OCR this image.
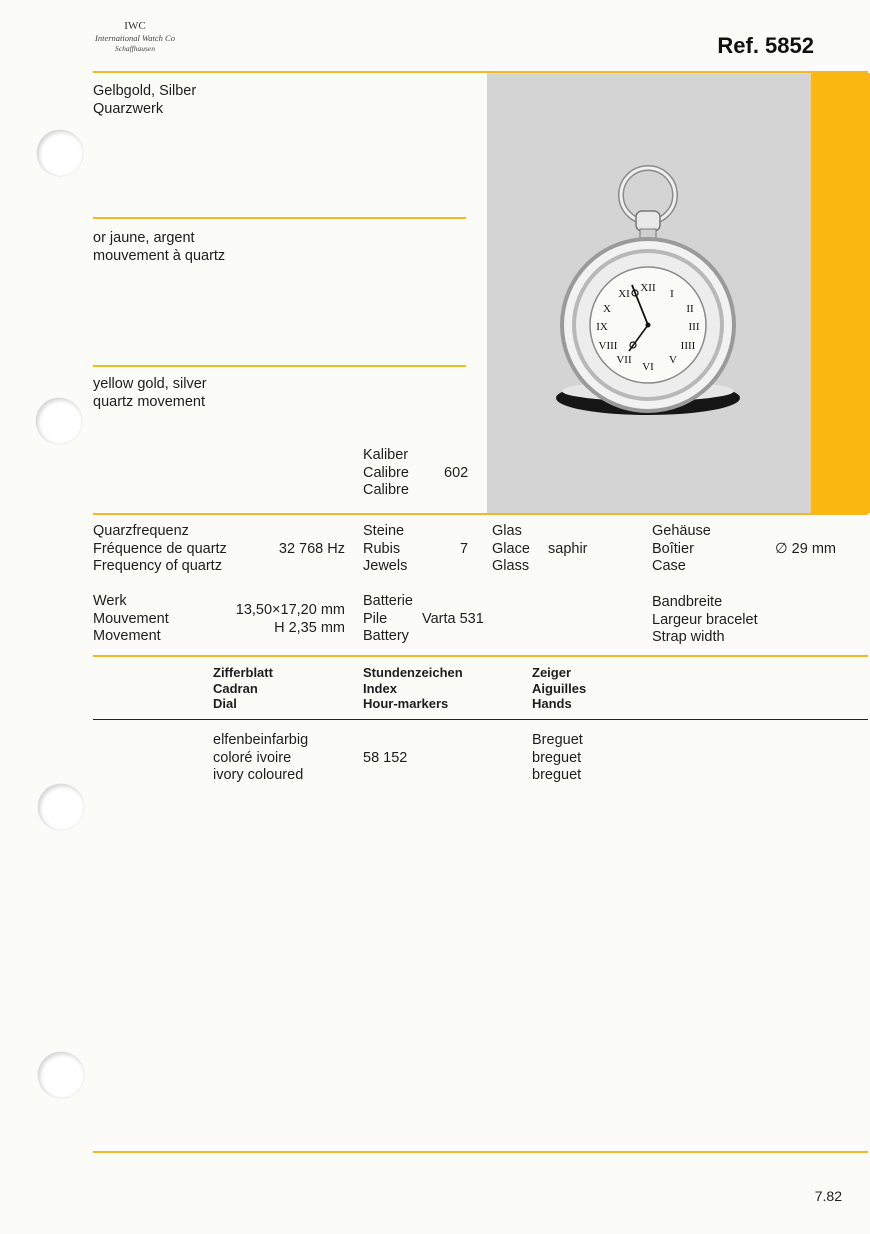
IWC
International Watch Co
Schaffhausen	Ref. 5852
XII I
II
III
IIII
V
VI
VII
VIII
IX
X
XI
Gelbgold, Silber
Quarzwerk
or jaune, argent
mouvement à quartz
yellow gold, silver
quartz movement
Kaliber
Calibre
Calibre
602
Quarzfrequenz
Fréquence de quartz
Frequency of quartz
32 768 Hz
Steine
Rubis
Jewels
7
Glas
Glace
Glass
saphir
Gehäuse
Boîtier
Case
∅ 29 mm
Werk
Mouvement
Movement
13,50×17,20 mm
H 2,35 mm
Batterie
Pile
Battery
Varta 531
Bandbreite
Largeur bracelet
Strap width
Zifferblatt
Cadran
Dial
Stundenzeichen
Index
Hour-markers
Zeiger
Aiguilles
Hands
elfenbeinfarbig
coloré ivoire
ivory coloured
58 152
Breguet
breguet
breguet
7.82
